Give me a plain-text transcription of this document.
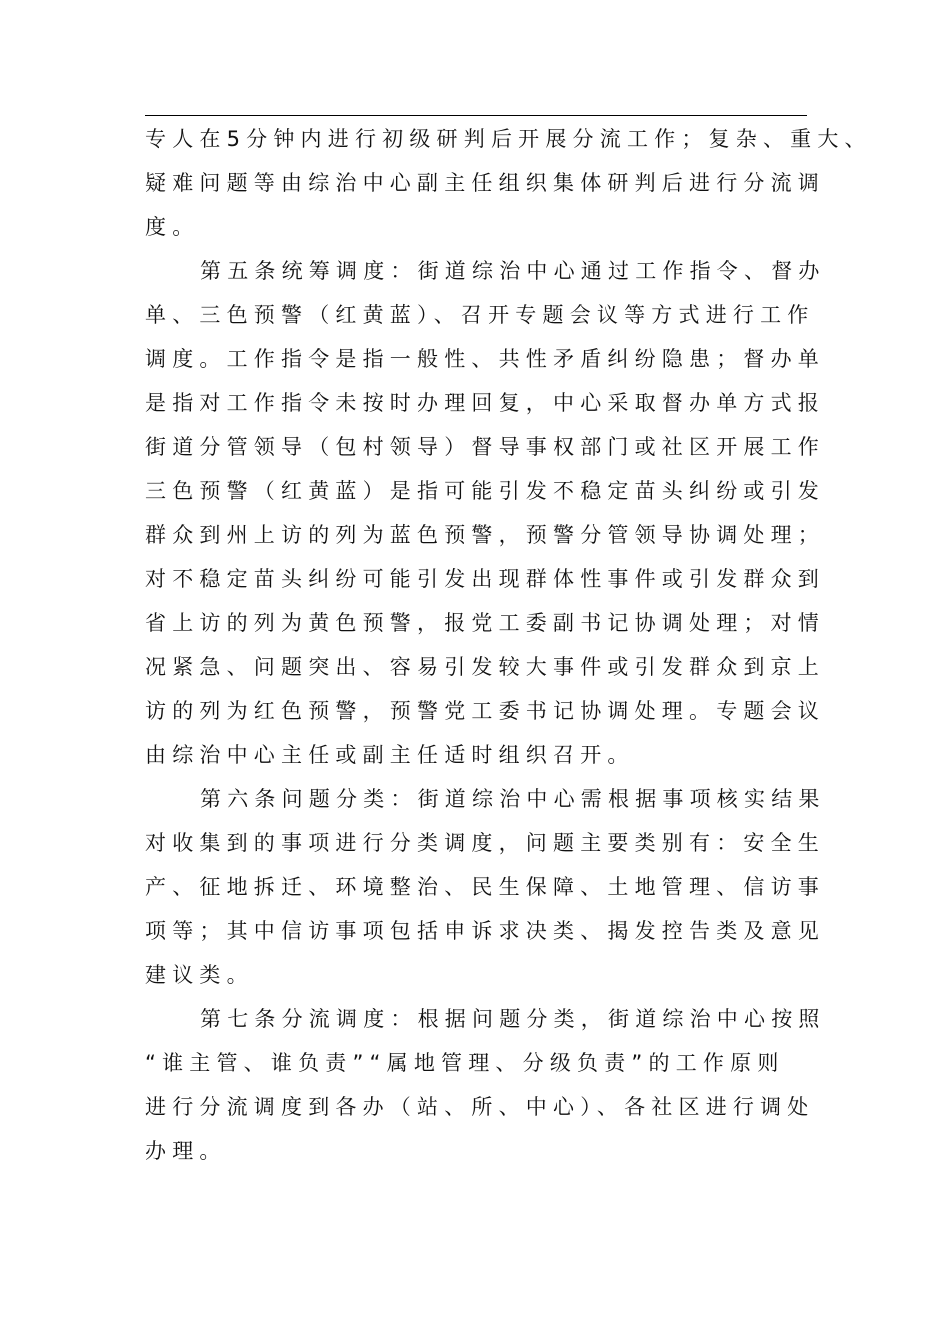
专人在5分钟内进行初级研判后开展分流工作；复杂、重大、
疑难问题等由综治中心副主任组织集体研判后进行分流调
度。
第五条统筹调度：街道综治中心通过工作指令、督办
单、三色预警（红黄蓝）、召开专题会议等方式进行工作
调度。工作指令是指一般性、共性矛盾纠纷隐患；督办单
是指对工作指令未按时办理回复，中心采取督办单方式报
街道分管领导（包村领导）督导事权部门或社区开展工作
三色预警（红黄蓝）是指可能引发不稳定苗头纠纷或引发
群众到州上访的列为蓝色预警，预警分管领导协调处理；
对不稳定苗头纠纷可能引发出现群体性事件或引发群众到
省上访的列为黄色预警，报党工委副书记协调处理；对情
况紧急、问题突出、容易引发较大事件或引发群众到京上
访的列为红色预警，预警党工委书记协调处理。专题会议
由综治中心主任或副主任适时组织召开。
第六条问题分类：街道综治中心需根据事项核实结果
对收集到的事项进行分类调度，问题主要类别有：安全生
产、征地拆迁、环境整治、民生保障、土地管理、信访事
项等；其中信访事项包括申诉求决类、揭发控告类及意见
建议类。
第七条分流调度：根据问题分类，街道综治中心按照
“谁主管、谁负责”“属地管理、分级负责”的工作原则
进行分流调度到各办（站、所、中心）、各社区进行调处
办理。
